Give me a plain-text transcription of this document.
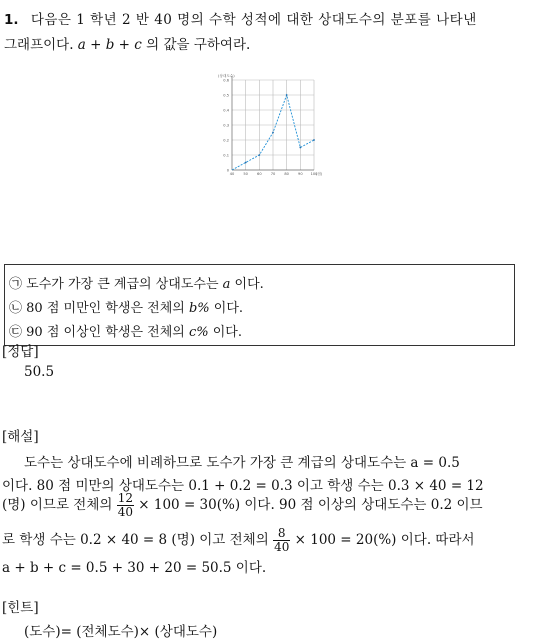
1. 다음은 1 학년 2 반 40 명의 수학 성적에 대한 상대도수의 분포를 나타낸
그래프이다. a + b + c 의 값을 구하여라.
0
0.1
0.2
0.3
0.4
0.5
0.6
40	50	60	70	80	90 100
(점)
(상대도수)
㉠ 도수가 가장 큰 계급의 상대도수는 a 이다.
㉡ 80 점 미만인 학생은 전체의 b% 이다.
㉢ 90 점 이상인 학생은 전체의 c% 이다.
[정답]
50.5
[해설]
도수는 상대도수에 비례하므로 도수가 가장 큰 계급의 상대도수는 a = 0.5
이다. 80 점 미만의 상대도수는 0.1 + 0.2 = 0.3 이고 학생 수는 0.3 × 40 = 12
(명) 이므로 전체의 $\frac{12}{40} \times 100 = 30(\%)$ 이다. 90 점 이상의 상대도수는 0.2 이므
로 학생 수는 0.2 × 40 = 8 (명) 이고 전체의 $\frac{8}{40} \times 100 = 20(\%)$ 이다. 따라서
a + b + c = 0.5 + 30 + 20 = 50.5 이다.
[힌트]
(도수)= (전체도수)× (상대도수)
